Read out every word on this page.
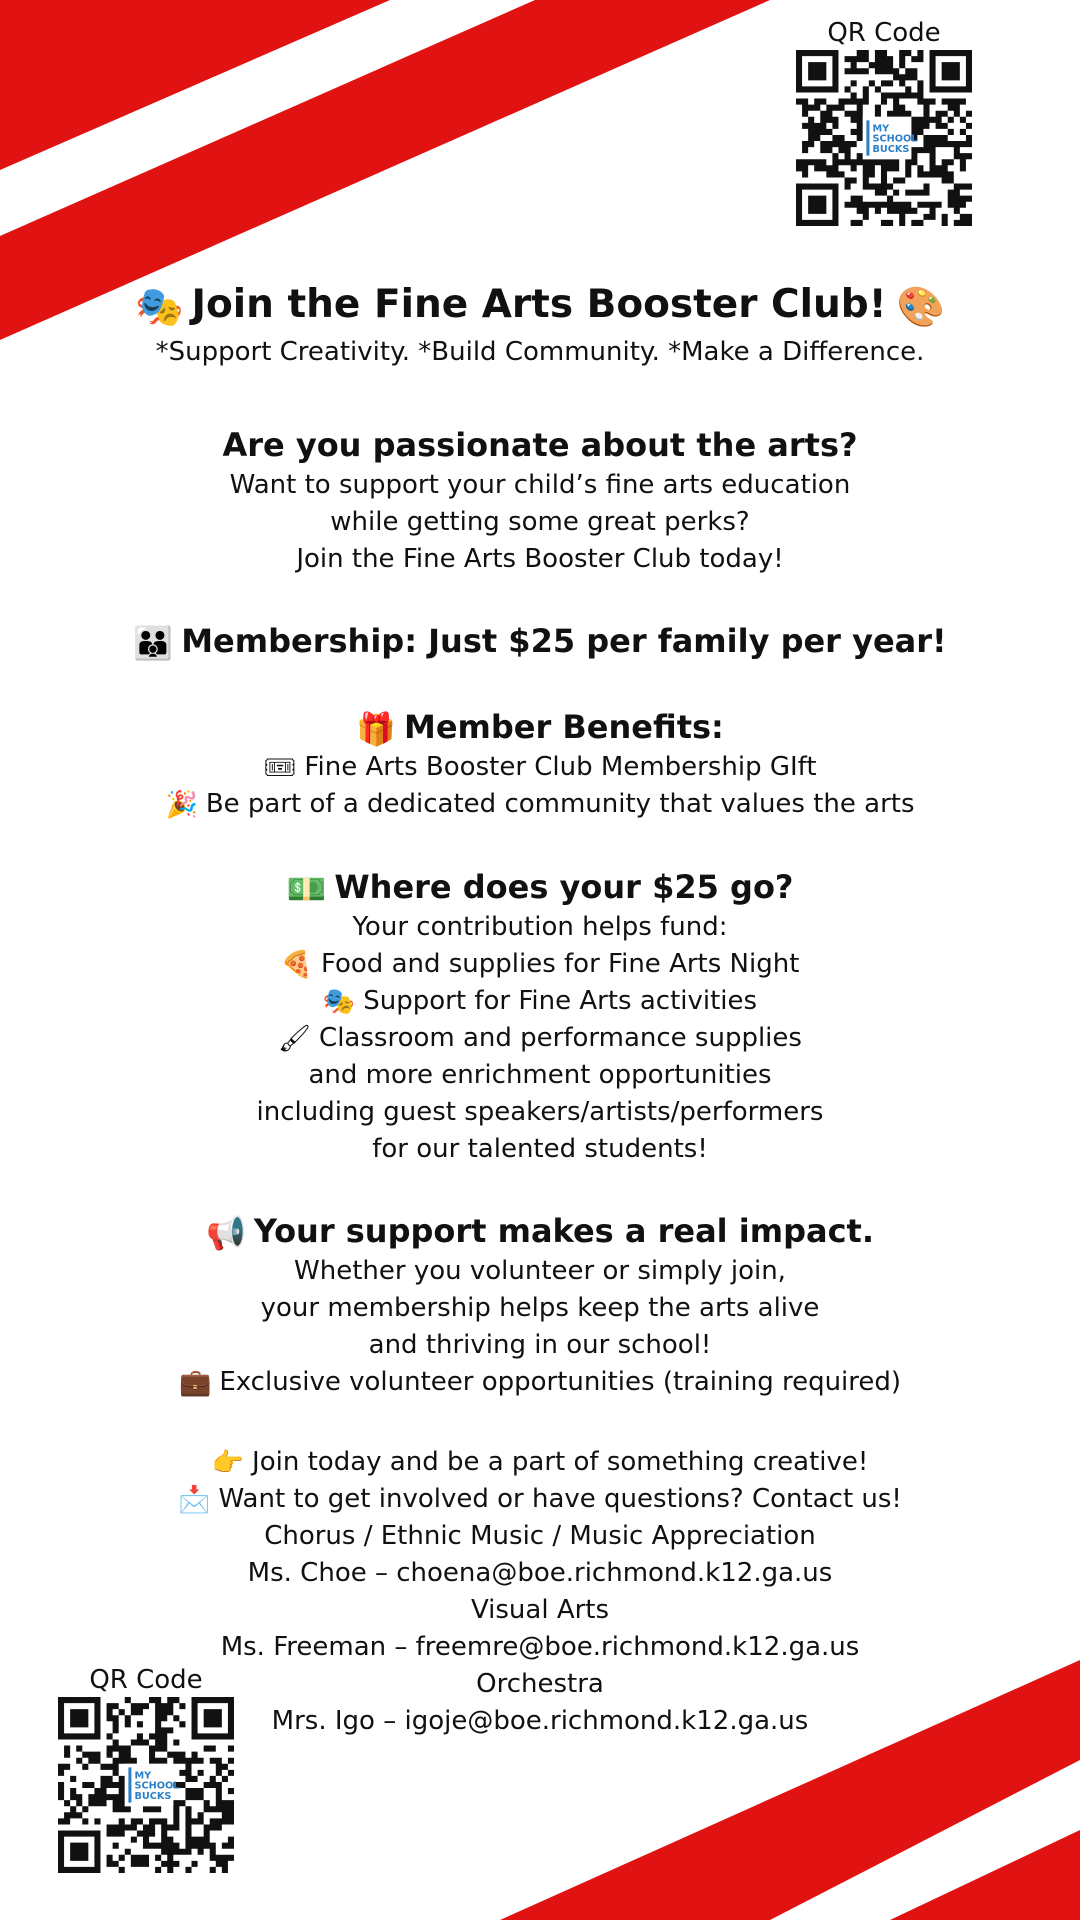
QR Code
MY
SCHOOL
BUCKS
QR Code
MY
SCHOOL
BUCKS
🎭 Join the Fine Arts Booster Club! 🎨
*Support Creativity. *Build Community. *Make a Difference.
Are you passionate about the arts?
Want to support your child’s fine arts education
while getting some great perks?
Join the Fine Arts Booster Club today!
👪 Membership: Just $25 per family per year!
🎁 Member Benefits:
🎟 Fine Arts Booster Club Membership GIft
🎉 Be part of a dedicated community that values the arts
💵 Where does your $25 go?
Your contribution helps fund:
🍕 Food and supplies for Fine Arts Night
🎭 Support for Fine Arts activities
🖌 Classroom and performance supplies
and more enrichment opportunities
including guest speakers/artists/performers
for our talented students!
📢 Your support makes a real impact.
Whether you volunteer or simply join,
your membership helps keep the arts alive
and thriving in our school!
💼 Exclusive volunteer opportunities (training required)
👉 Join today and be a part of something creative!
📩 Want to get involved or have questions? Contact us!
Chorus / Ethnic Music / Music Appreciation
Ms. Choe – choena@boe.richmond.k12.ga.us
Visual Arts
Ms. Freeman – freemre@boe.richmond.k12.ga.us
Orchestra
Mrs. Igo – igoje@boe.richmond.k12.ga.us
